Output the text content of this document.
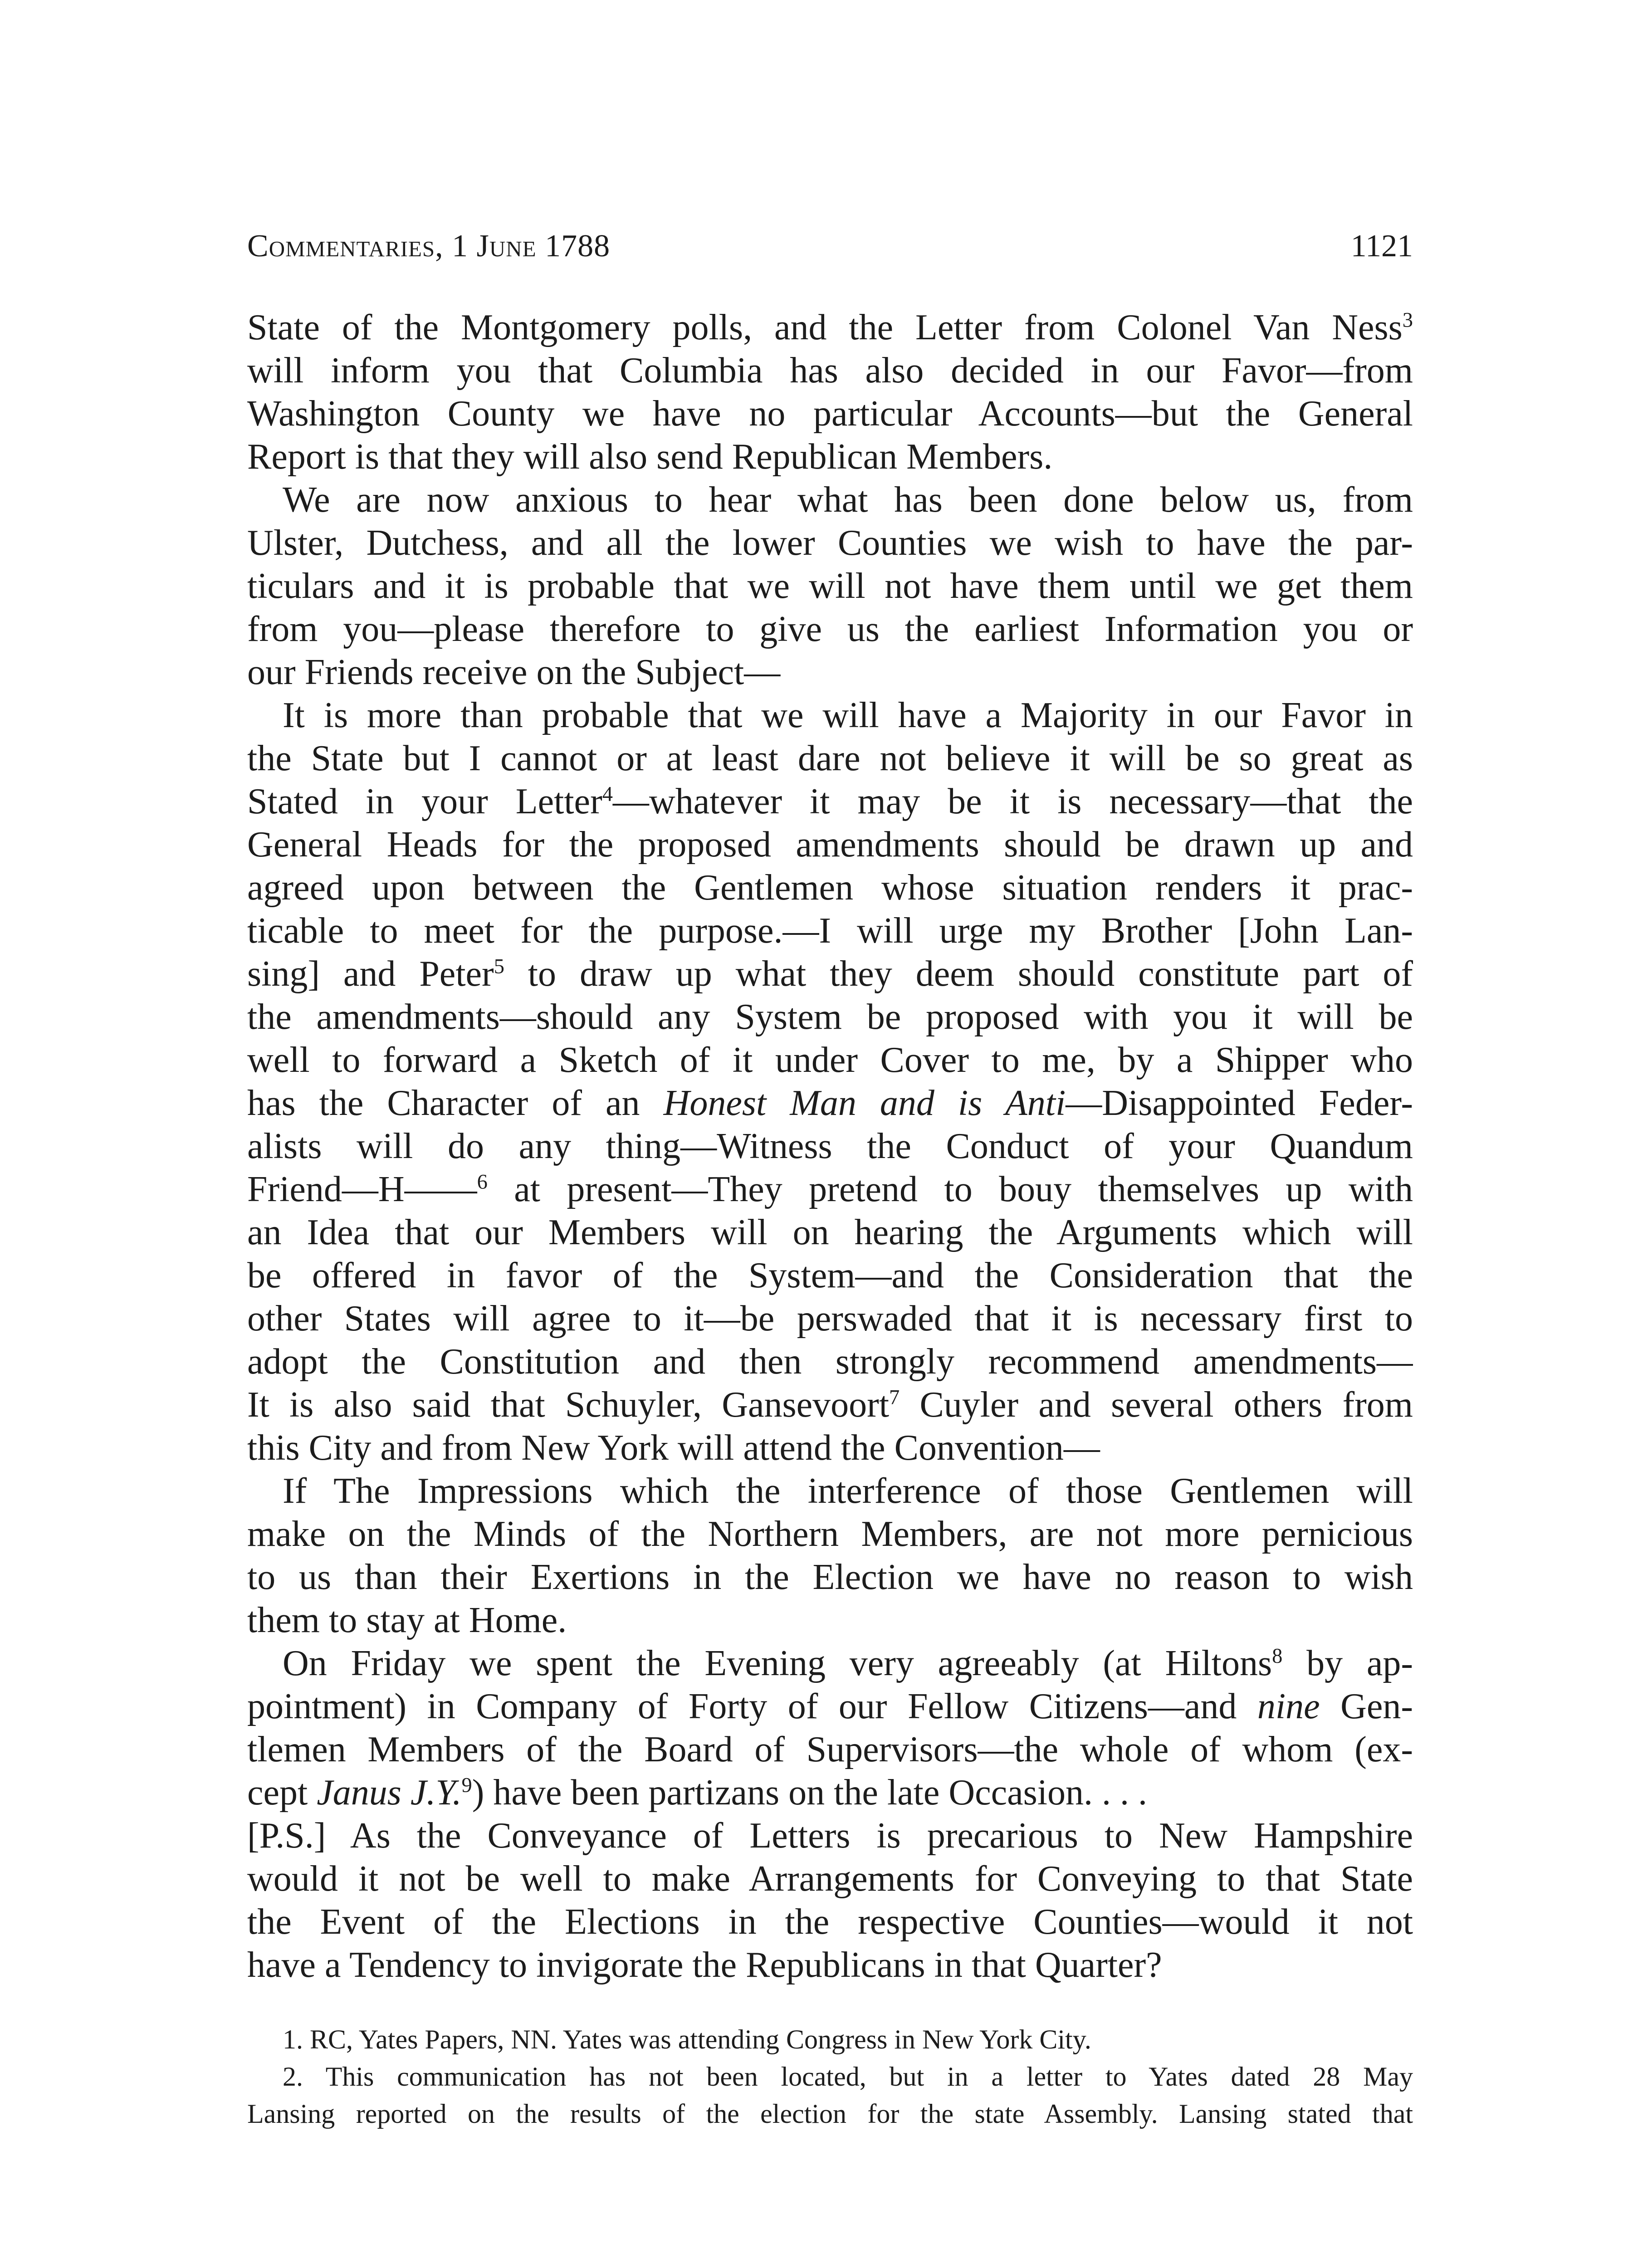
Commentaries, 1 June 1788	1121
State of the Montgomery polls, and the Letter from Colonel Van Ness$^3$
will inform you that Columbia has also decided in our Favor—from
Washington County we have no particular Accounts—but the General
Report is that they will also send Republican Members.
We are now anxious to hear what has been done below us, from
Ulster, Dutchess, and all the lower Counties we wish to have the par-
ticulars and it is probable that we will not have them until we get them
from you—please therefore to give us the earliest Information you or
our Friends receive on the Subject—
It is more than probable that we will have a Majority in our Favor in
the State but I cannot or at least dare not believe it will be so great as
Stated in your Letter$^4$—whatever it may be it is necessary—that the
General Heads for the proposed amendments should be drawn up and
agreed upon between the Gentlemen whose situation renders it prac-
ticable to meet for the purpose.—I will urge my Brother [John Lan-
sing] and Peter$^5$ to draw up what they deem should constitute part of
the amendments—should any System be proposed with you it will be
well to forward a Sketch of it under Cover to me, by a Shipper who
has the Character of an Honest Man and is Anti—Disappointed Feder-
alists will do any thing—Witness the Conduct of your Quandum
Friend—H——$^6$ at present—They pretend to bouy themselves up with
an Idea that our Members will on hearing the Arguments which will
be offered in favor of the System—and the Consideration that the
other States will agree to it—be perswaded that it is necessary first to
adopt the Constitution and then strongly recommend amendments—
It is also said that Schuyler, Gansevoort$^7$ Cuyler and several others from
this City and from New York will attend the Convention—
If The Impressions which the interference of those Gentlemen will
make on the Minds of the Northern Members, are not more pernicious
to us than their Exertions in the Election we have no reason to wish
them to stay at Home.
On Friday we spent the Evening very agreeably (at Hiltons$^8$ by ap-
pointment) in Company of Forty of our Fellow Citizens—and nine Gen-
tlemen Members of the Board of Supervisors—the whole of whom (ex-
cept Janus J.Y.$^9$) have been partizans on the late Occasion. . . .
[P.S.] As the Conveyance of Letters is precarious to New Hampshire
would it not be well to make Arrangements for Conveying to that State
the Event of the Elections in the respective Counties—would it not
have a Tendency to invigorate the Republicans in that Quarter?
1. RC, Yates Papers, NN. Yates was attending Congress in New York City.
2. This communication has not been located, but in a letter to Yates dated 28 May
Lansing reported on the results of the election for the state Assembly. Lansing stated that
